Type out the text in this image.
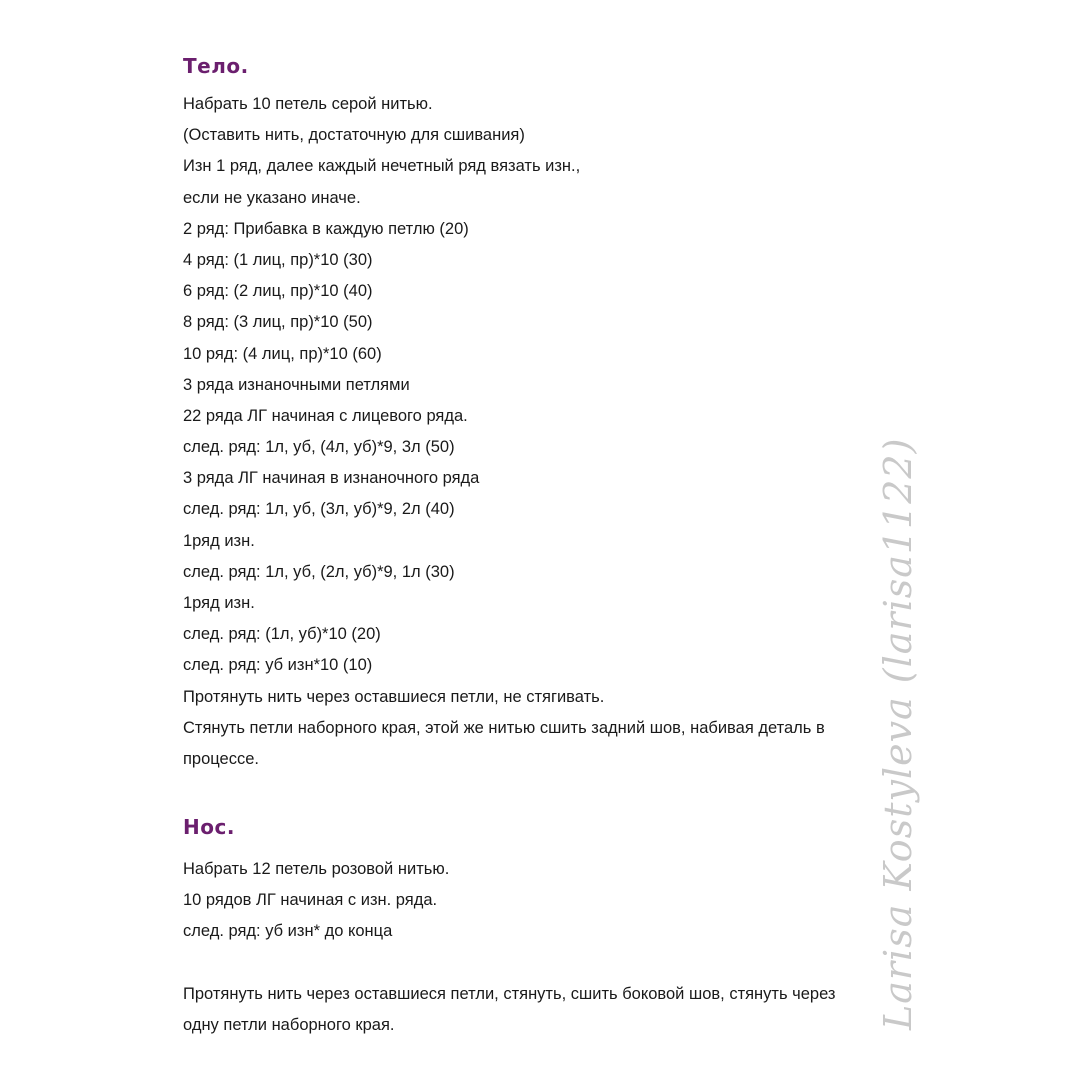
Тело.
Набрать 10 петель серой нитью.
(Оставить нить, достаточную для сшивания)
Изн 1 ряд, далее каждый нечетный ряд вязать изн.,
если не указано иначе.
2 ряд: Прибавка в каждую петлю (20)
4 ряд: (1 лиц, пр)*10 (30)
6 ряд: (2 лиц, пр)*10 (40)
8 ряд: (3 лиц, пр)*10 (50)
10 ряд: (4 лиц, пр)*10 (60)
3 ряда изнаночными петлями
22 ряда ЛГ начиная с лицевого ряда.
след. ряд: 1л, уб, (4л, уб)*9, 3л (50)
3 ряда ЛГ начиная в изнаночного ряда
след. ряд: 1л, уб, (3л, уб)*9, 2л (40)
1ряд изн.
след. ряд: 1л, уб, (2л, уб)*9, 1л (30)
1ряд изн.
след. ряд: (1л, уб)*10 (20)
след. ряд: уб изн*10 (10)
Протянуть нить через оставшиеся петли, не стягивать.
Стянуть петли наборного края, этой же нитью сшить задний шов, набивая деталь в
процессе.
Нос.
Набрать 12 петель розовой нитью.
10 рядов ЛГ начиная с изн. ряда.
след. ряд: уб изн* до конца
Протянуть нить через оставшиеся петли, стянуть, сшить боковой шов, стянуть через
одну петли наборного края.	Larisa Kostyleva (larisa1122)
